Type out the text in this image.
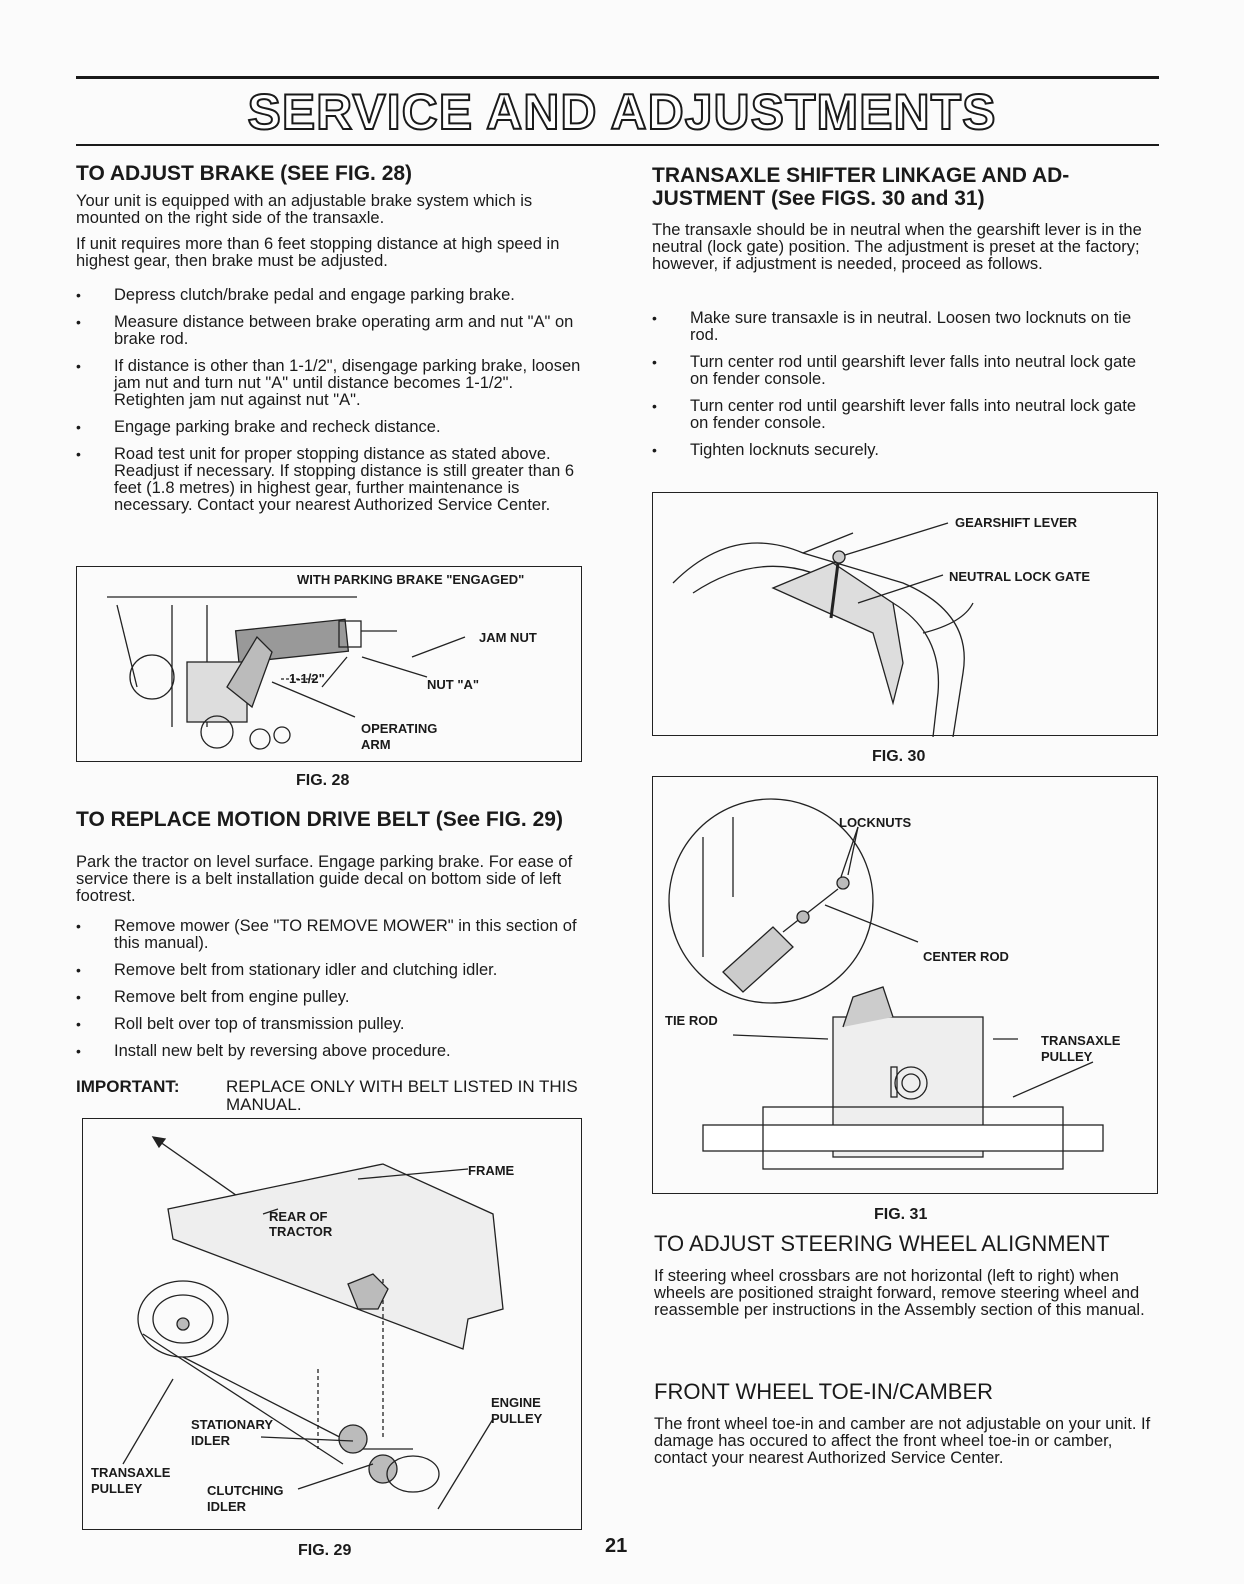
SERVICE AND ADJUSTMENTS
TO ADJUST BRAKE (SEE FIG. 28)

Your unit is equipped with an adjustable brake system which is mounted on the right side of the transaxle.

If unit requires more than 6 feet stopping distance at high speed in highest gear, then brake must be adjusted.

• Depress clutch/brake pedal and engage parking brake.
• Measure distance between brake operating arm and nut "A" on brake rod.
• If distance is other than 1-1/2", disengage parking brake, loosen jam nut and turn nut "A" until distance becomes 1-1/2". Retighten jam nut against nut "A".
• Engage parking brake and recheck distance.
• Road test unit for proper stopping distance as stated above. Readjust if necessary. If stopping distance is still greater than 6 feet (1.8 metres) in highest gear, further maintenance is necessary. Contact your nearest Authorized Service Center.
WITH PARKING BRAKE "ENGAGED"
JAM NUT
1-1/2"	NUT "A"
OPERATING
ARM
FIG. 28
TO REPLACE MOTION DRIVE BELT (See FIG. 29)

Park the tractor on level surface. Engage parking brake. For ease of service there is a belt installation guide decal on bottom side of left footrest.

• Remove mower (See "TO REMOVE MOWER" in this section of this manual).
• Remove belt from stationary idler and clutching idler.
• Remove belt from engine pulley.
• Roll belt over top of transmission pulley.
• Install new belt by reversing above procedure.
IMPORTANT:	REPLACE ONLY WITH BELT LISTED IN THIS MANUAL.
FRAME
REAR OF
TRACTOR
ENGINE
PULLEY
STATIONARY
IDLER
TRANSAXLE
PULLEY	CLUTCHING
IDLER
FIG. 29	21
TRANSAXLE SHIFTER LINKAGE AND AD-JUSTMENT (See FIGS. 30 and 31)

The transaxle should be in neutral when the gearshift lever is in the neutral (lock gate) position. The adjustment is preset at the factory; however, if adjustment is needed, proceed as follows.

• Make sure transaxle is in neutral. Loosen two locknuts on tie rod.
• Turn center rod until gearshift lever falls into neutral lock gate on fender console.
• Turn center rod until gearshift lever falls into neutral lock gate on fender console.
• Tighten locknuts securely.
GEARSHIFT LEVER
NEUTRAL LOCK GATE
FIG. 30
LOCKNUTS
CENTER ROD
TIE ROD
TRANSAXLE
PULLEY
FIG. 31
TO ADJUST STEERING WHEEL ALIGNMENT

If steering wheel crossbars are not horizontal (left to right) when wheels are positioned straight forward, remove steering wheel and reassemble per instructions in the Assembly section of this manual.

FRONT WHEEL TOE-IN/CAMBER

The front wheel toe-in and camber are not adjustable on your unit. If damage has occured to affect the front wheel toe-in or camber, contact your nearest Authorized Service Center.
